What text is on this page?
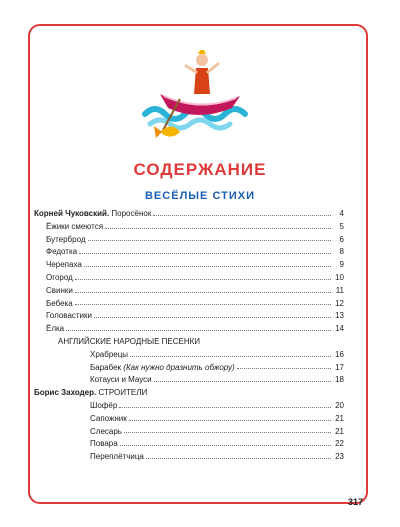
СОДЕРЖАНИЕ
ВЕСЁЛЫЕ СТИХИ
Корней Чуковский. Поросёнок	4
Ёжики смеются	5
Бутерброд	6
Федотка	8
Черепаха	9
Огород	10
Свинки	11
Бебека	12
Головастики	13
Ёлка	14
АНГЛИЙСКИЕ НАРОДНЫЕ ПЕСЕНКИ
Храбрецы	16
Барабек (Как нужно дразнить обжору)	17
Котауси и Мауси	18
Борис Заходер. СТРОИТЕЛИ
Шофёр	20
Сапожник	21
Слесарь	21
Повара	22
Переплётчица	23
317
